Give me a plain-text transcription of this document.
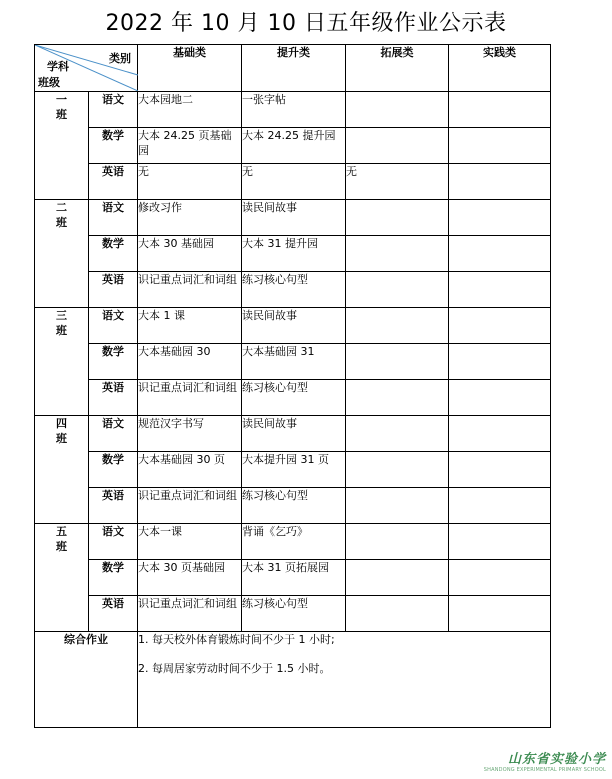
2022 年 10 月 10 日五年级作业公示表
类别
学科
班级		基础类	提升类	拓展类	实践类

一
班	语文	大本园地二	一张字帖		
	数学	大本 24.25 页基础园	大本 24.25 提升园		
	英语	无	无	无	

二
班	语文	修改习作	读民间故事		
	数学	大本 30 基础园	大本 31 提升园		
	英语	识记重点词汇和词组	练习核心句型		

三
班	语文	大本 1 课	读民间故事		
	数学	大本基础园 30	大本基础园 31		
	英语	识记重点词汇和词组	练习核心句型		

四
班	语文	规范汉字书写	读民间故事		
	数学	大本基础园 30 页	大本提升园 31 页		
	英语	识记重点词汇和词组	练习核心句型		

五
班	语文	大本一课	背诵《乞巧》		
	数学	大本 30 页基础园	大本 31 页拓展园		
	英语	识记重点词汇和词组	练习核心句型		
综合作业		1. 每天校外体育锻炼时间不少于 1 小时;

2. 每周居家劳动时间不少于 1.5 小时。			

山东省实验小学
SHANDONG EXPERIMENTAL PRIMARY SCHOOL
